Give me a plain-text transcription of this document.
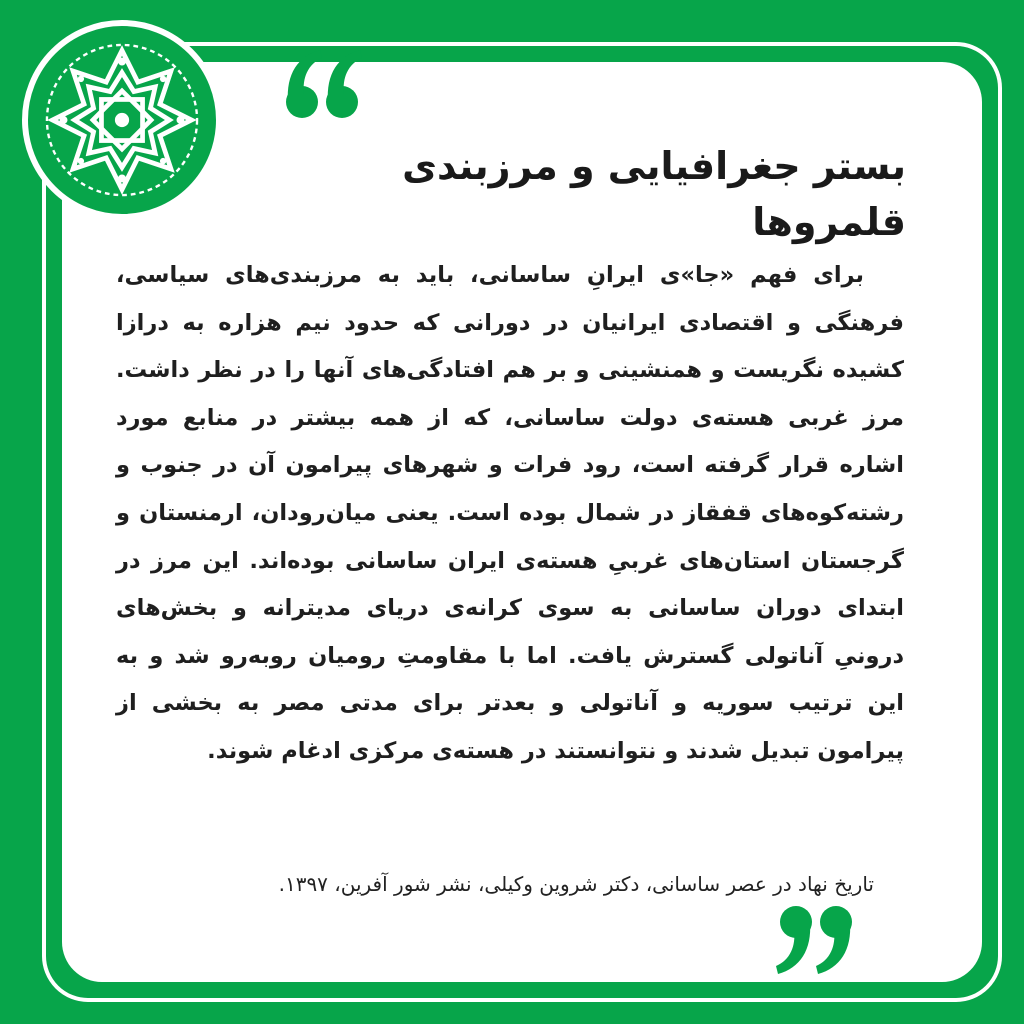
بستر جغرافیایی و مرزبندی قلمروها

برای فهم «جا»ی ایرانِ ساسانی، باید به مرزبندی‌های سیاسی، فرهنگی و اقتصادی ایرانیان در دورانی که حدود نیم هزاره به درازا کشیده نگریست و همنشینی و بر هم افتادگی‌های آنها را در نظر داشت. مرز غربی هسته‌ی دولت ساسانی، که از همه بیشتر در منابع مورد اشاره قرار گرفته است، رود فرات و شهرهای پیرامون آن در جنوب و رشته‌کوه‌های قفقاز در شمال بوده است. یعنی میان‌رودان، ارمنستان و گرجستان استان‌های غربیِ هسته‌ی ایران ساسانی بوده‌اند. این مرز در ابتدای دوران ساسانی به سوی کرانه‌ی دریای مدیترانه و بخش‌های درونیِ آناتولی گسترش یافت. اما با مقاومتِ رومیان روبه‌رو شد و به این ترتیب سوریه و آناتولی و بعدتر برای مدتی مصر به بخشی از پیرامون تبدیل شدند و نتوانستند در هسته‌ی مرکزی ادغام شوند.

تاریخ نهاد در عصر ساسانی، دکتر شروین وکیلی، نشر شور آفرین، ۱۳۹۷.
